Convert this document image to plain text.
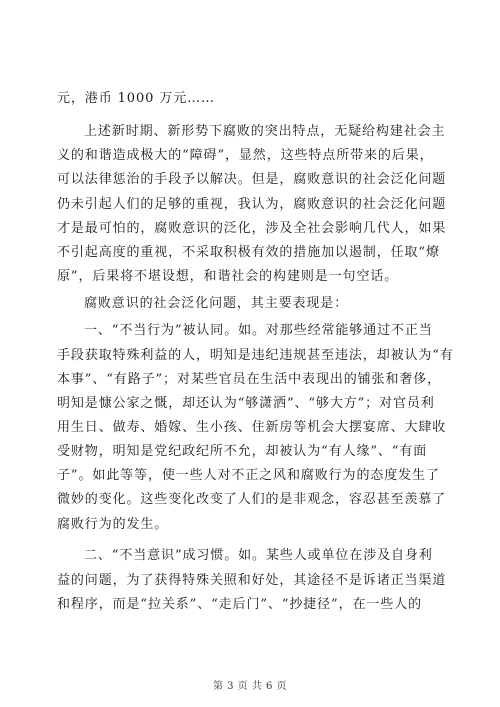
元，港币 1000 万元……
上述新时期、新形势下腐败的突出特点，无疑给构建社会主
义的和谐造成极大的“障碍”，显然，这些特点所带来的后果，
可以法律惩治的手段予以解决。但是，腐败意识的社会泛化问题
仍未引起人们的足够的重视，我认为，腐败意识的社会泛化问题
才是最可怕的，腐败意识的泛化，涉及全社会影响几代人，如果
不引起高度的重视，不采取积极有效的措施加以遏制，任取“燎
原”，后果将不堪设想，和谐社会的构建则是一句空话。
腐败意识的社会泛化问题，其主要表现是：
一、“不当行为”被认同。如。对那些经常能够通过不正当
手段获取特殊利益的人，明知是违纪违规甚至违法，却被认为“有
本事”、“有路子”；对某些官员在生活中表现出的铺张和奢侈，
明知是慷公家之慨，却还认为“够潇洒”、“够大方”；对官员利
用生日、做寿、婚嫁、生小孩、住新房等机会大摆宴席、大肆收
受财物，明知是党纪政纪所不允，却被认为“有人缘”、“有面
子”。如此等等，使一些人对不正之风和腐败行为的态度发生了
微妙的变化。这些变化改变了人们的是非观念，容忍甚至羡慕了
腐败行为的发生。
二、“不当意识”成习惯。如。某些人或单位在涉及自身利
益的问题，为了获得特殊关照和好处，其途径不是诉诸正当渠道
和程序，而是“拉关系”、“走后门”、“抄捷径”，在一些人的
第 3 页 共 6 页
